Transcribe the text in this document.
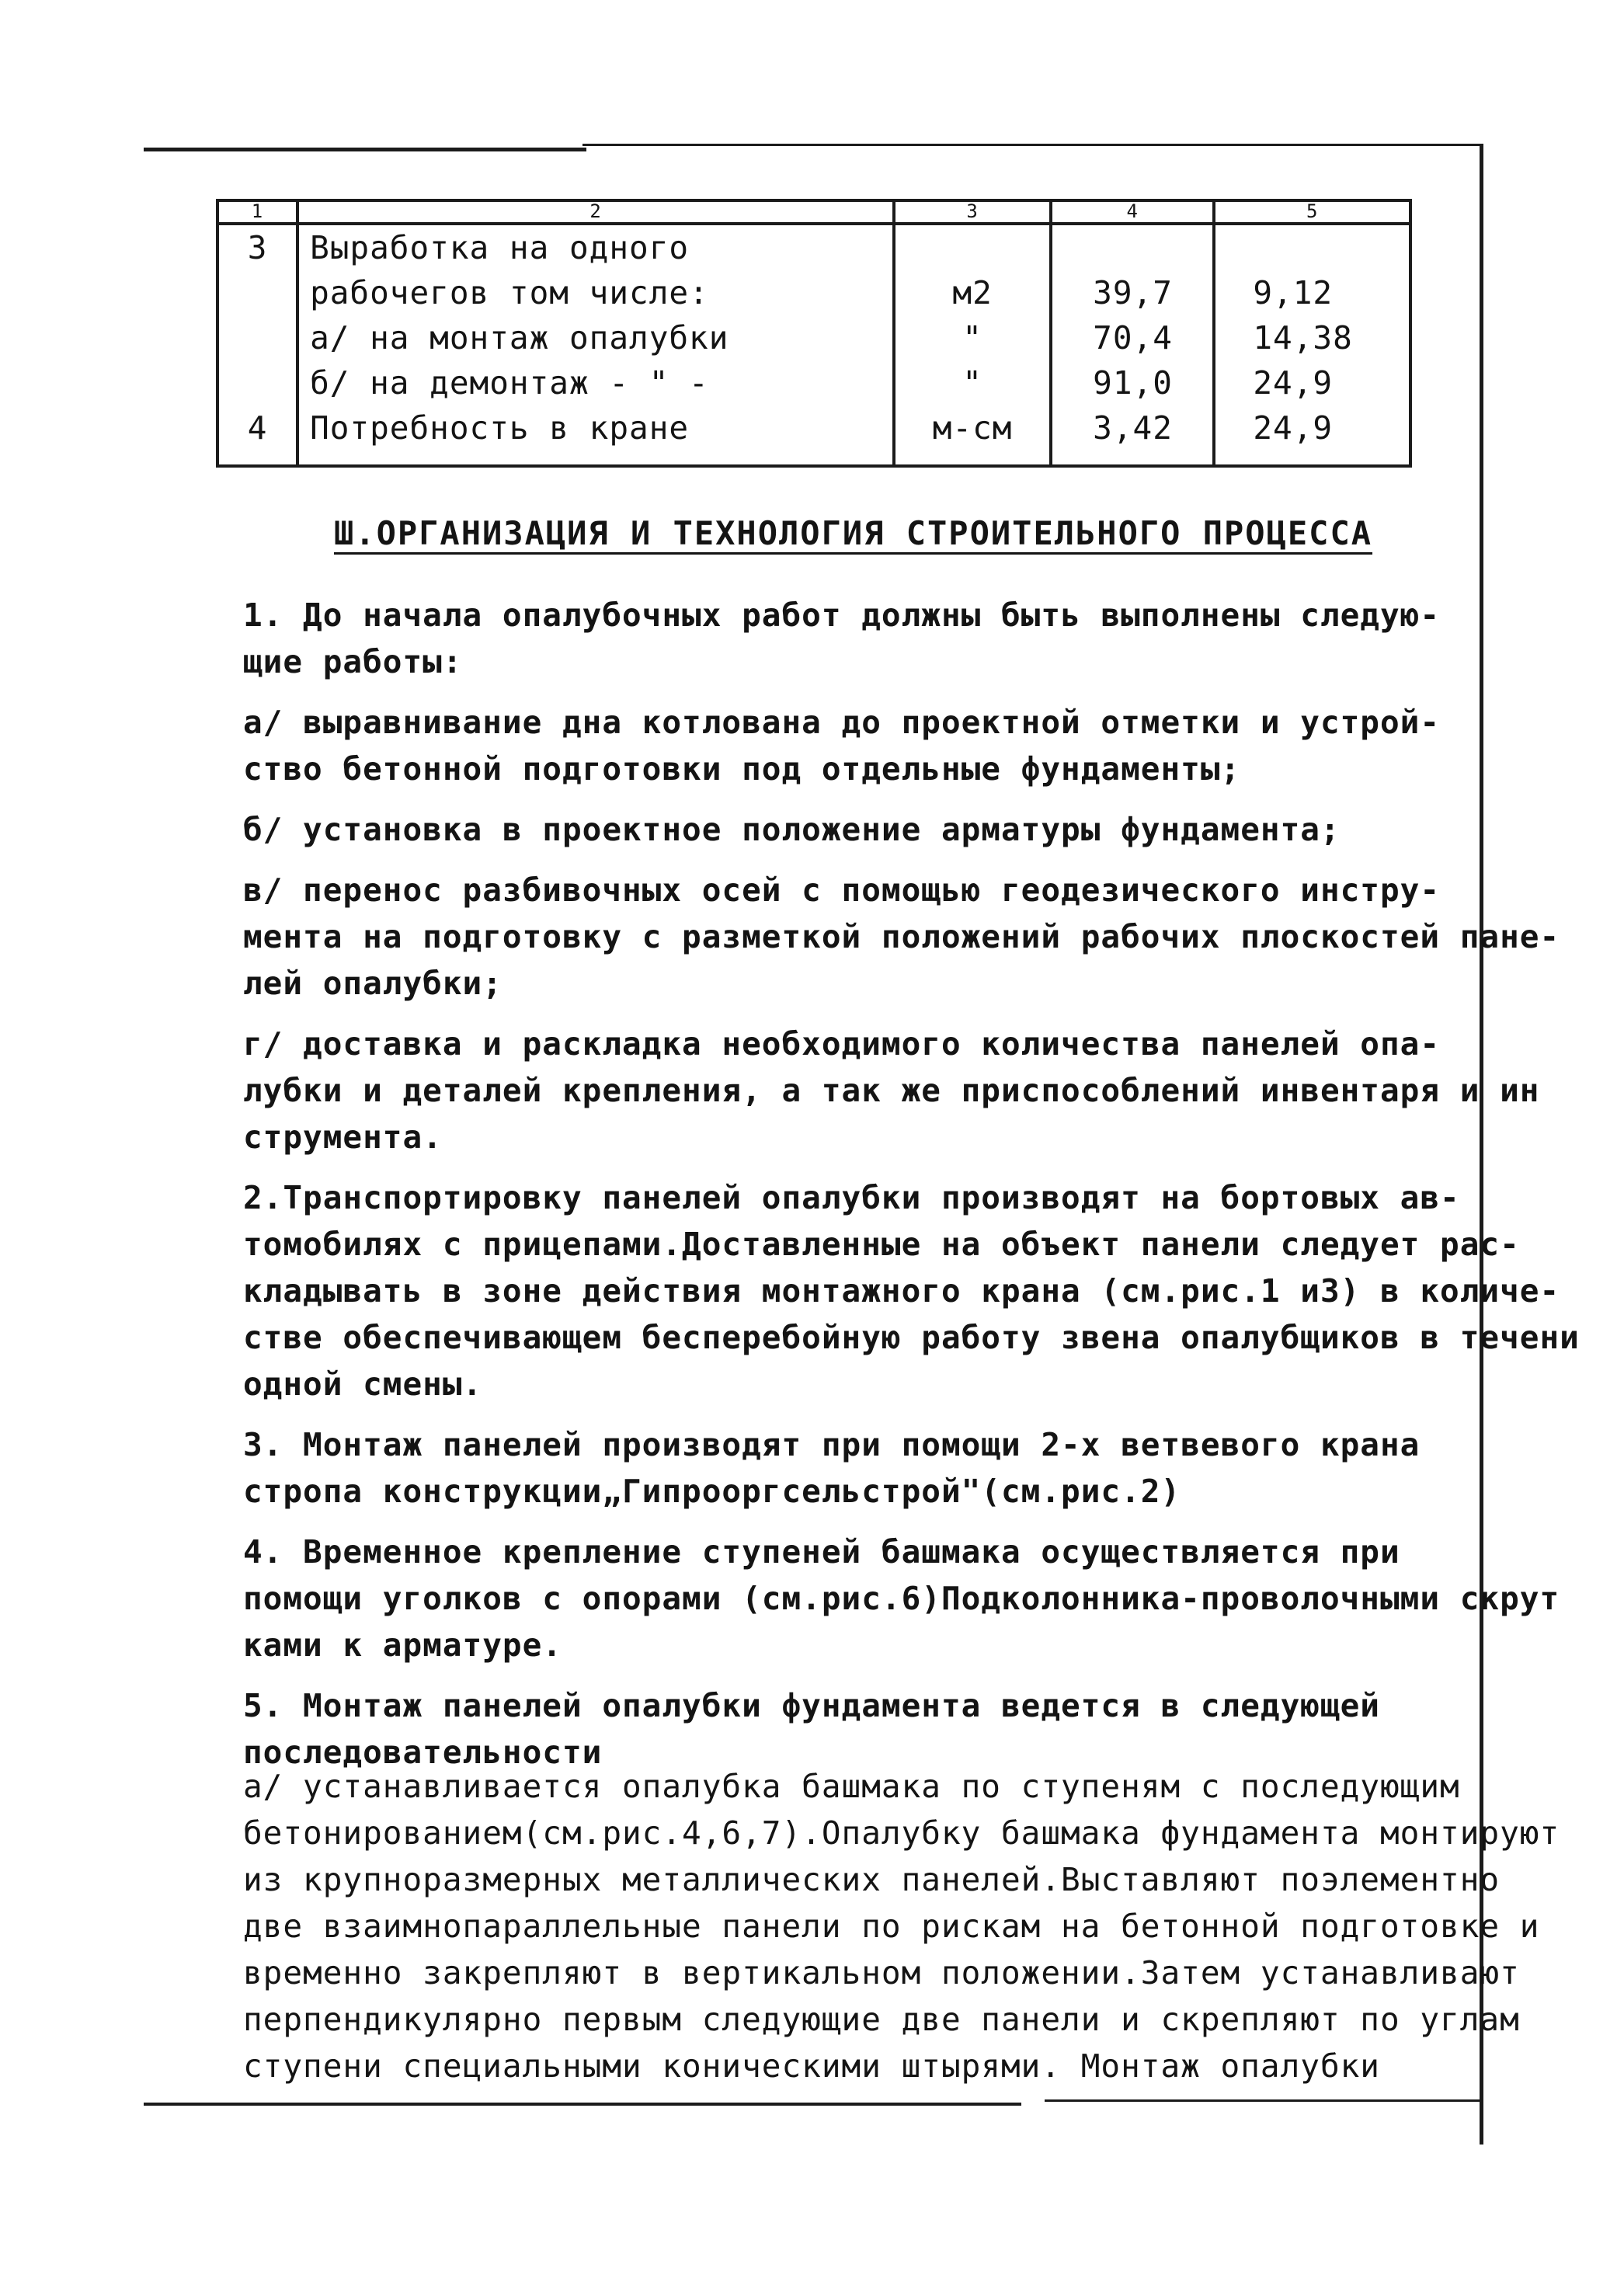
1	2	3	4	5
3	Выработка на одного рабочегов том числе:	м2	39,7	9,12
	а/ на монтаж опалубки	"	70,4	14,38
	б/ на демонтаж - " -	"	91,0	24,9
4	Потребность в кране	м-см	3,42	24,9
Ш.ОРГАНИЗАЦИЯ И ТЕХНОЛОГИЯ СТРОИТЕЛЬНОГО ПРОЦЕССА

1. До начала опалубочных работ должны быть выполнены следую-
щие работы:

а/ выравнивание дна котлована до проектной отметки и устрой-
ство бетонной подготовки под отдельные фундаменты;

б/ установка в проектное положение арматуры фундамента;

в/ перенос разбивочных осей с помощью геодезического инстру-
мента на подготовку с разметкой положений рабочих плоскостей пане-
лей опалубки;

г/ доставка и раскладка необходимого количества панелей опа-
лубки и деталей крепления, а так же приспособлений инвентаря и ин
струмента.

2.Транспортировку панелей опалубки производят на бортовых ав-
томобилях с прицепами.Доставленные на объект панели следует рас-
кладывать в зоне действия монтажного крана (см.рис.1 и3) в количе-
стве обеспечивающем бесперебойную работу звена опалубщиков в течени
одной смены.

3. Монтаж панелей производят при помощи 2-х ветвевого крана
стропа конструкции„Гипрооргсельстрой"(см.рис.2)

4. Временное крепление ступеней башмака осуществляется при
помощи уголков с опорами (см.рис.6)Подколонника-проволочными скрут
ками к арматуре.

5. Монтаж панелей опалубки фундамента ведется в следующей
последовательности

а/ устанавливается опалубка башмака по ступеням с последующим
бетонированием(см.рис.4,6,7).Опалубку башмака фундамента монтируют
из крупноразмерных металлических панелей.Выставляют поэлементно
две взаимнопараллельные панели по рискам на бетонной подготовке и
временно закрепляют в вертикальном положении.Затем устанавливают
перпендикулярно первым следующие две панели и скрепляют по углам
ступени специальными коническими штырями. Монтаж опалубки
